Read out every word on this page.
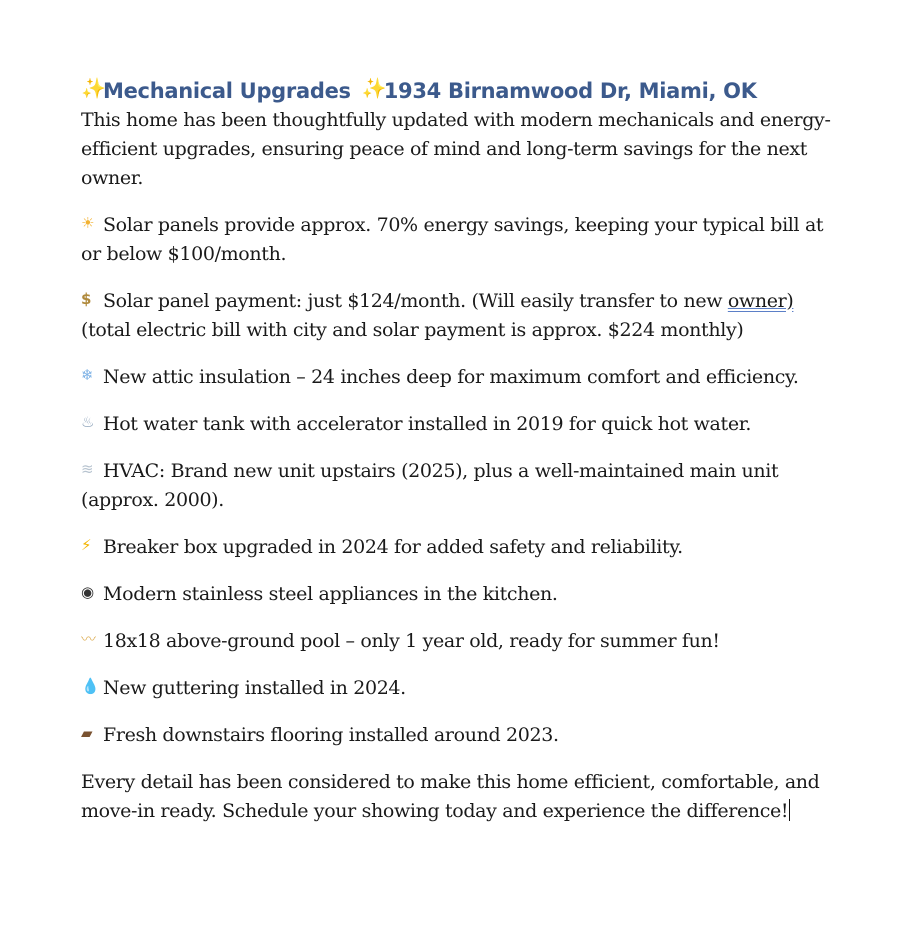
✨Mechanical Upgrades ✨1934 Birnamwood Dr, Miami, OK

This home has been thoughtfully updated with modern mechanicals and energy-efficient upgrades, ensuring peace of mind and long-term savings for the next owner.

☀ Solar panels provide approx. 70% energy savings, keeping your typical bill at or below $100/month.

$ Solar panel payment: just $124/month. (Will easily transfer to new owner) (total electric bill with city and solar payment is approx. $224 monthly)

❄ New attic insulation – 24 inches deep for maximum comfort and efficiency.

♨ Hot water tank with accelerator installed in 2019 for quick hot water.

≋ HVAC: Brand new unit upstairs (2025), plus a well-maintained main unit (approx. 2000).

⚡ Breaker box upgraded in 2024 for added safety and reliability.

◉ Modern stainless steel appliances in the kitchen.

〰 18x18 above-ground pool – only 1 year old, ready for summer fun!

💧 New guttering installed in 2024.

▰ Fresh downstairs flooring installed around 2023.

Every detail has been considered to make this home efficient, comfortable, and move-in ready. Schedule your showing today and experience the difference!
